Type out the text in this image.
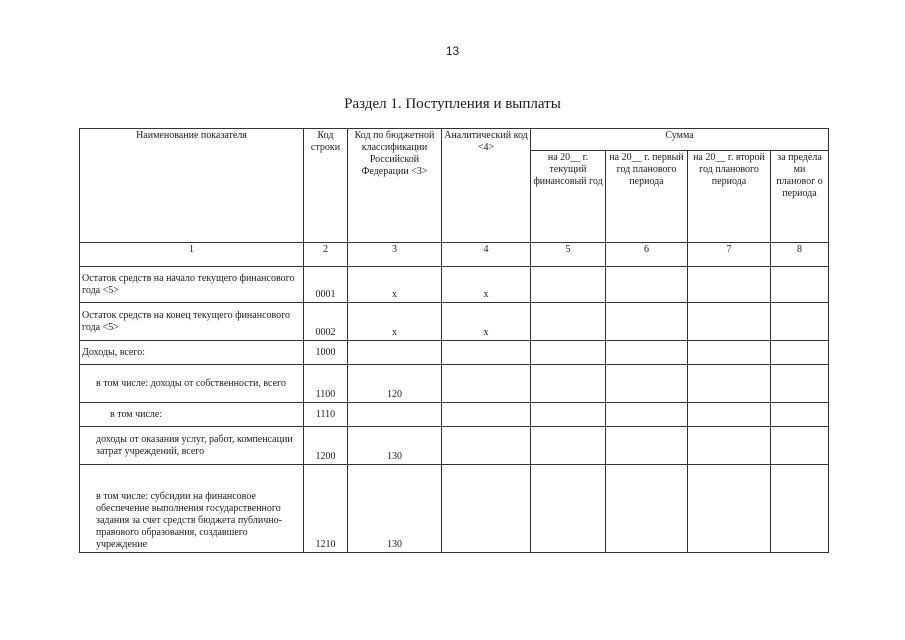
13
Раздел 1. Поступления и выплаты
Наименование показателя	Код строки	Код по бюджетной классификации Российской Федерации <3>	Аналитический код <4>	Сумма			
				на 20__ г. текущий финансовый год	на 20__ г. первый год планового периода	на 20__ г. второй год планового периода	за предела ми плановог о периода
1	2	3	4	5	6	7	8
Остаток средств на начало текущего финансового года <5>	0001	x	x				
Остаток средств на конец текущего финансового года <5>	0002	x	x				
Доходы, всего:	1000						
в том числе: доходы от собственности, всего	1100	120					
в том числе:	1110						
доходы от оказания услуг, работ, компенсации затрат учреждений, всего	1200	130					
в том числе: субсидии на финансовое обеспечение выполнения государственного задания за счет средств бюджета публично-правового образования, создавшего учреждение	1210	130					
